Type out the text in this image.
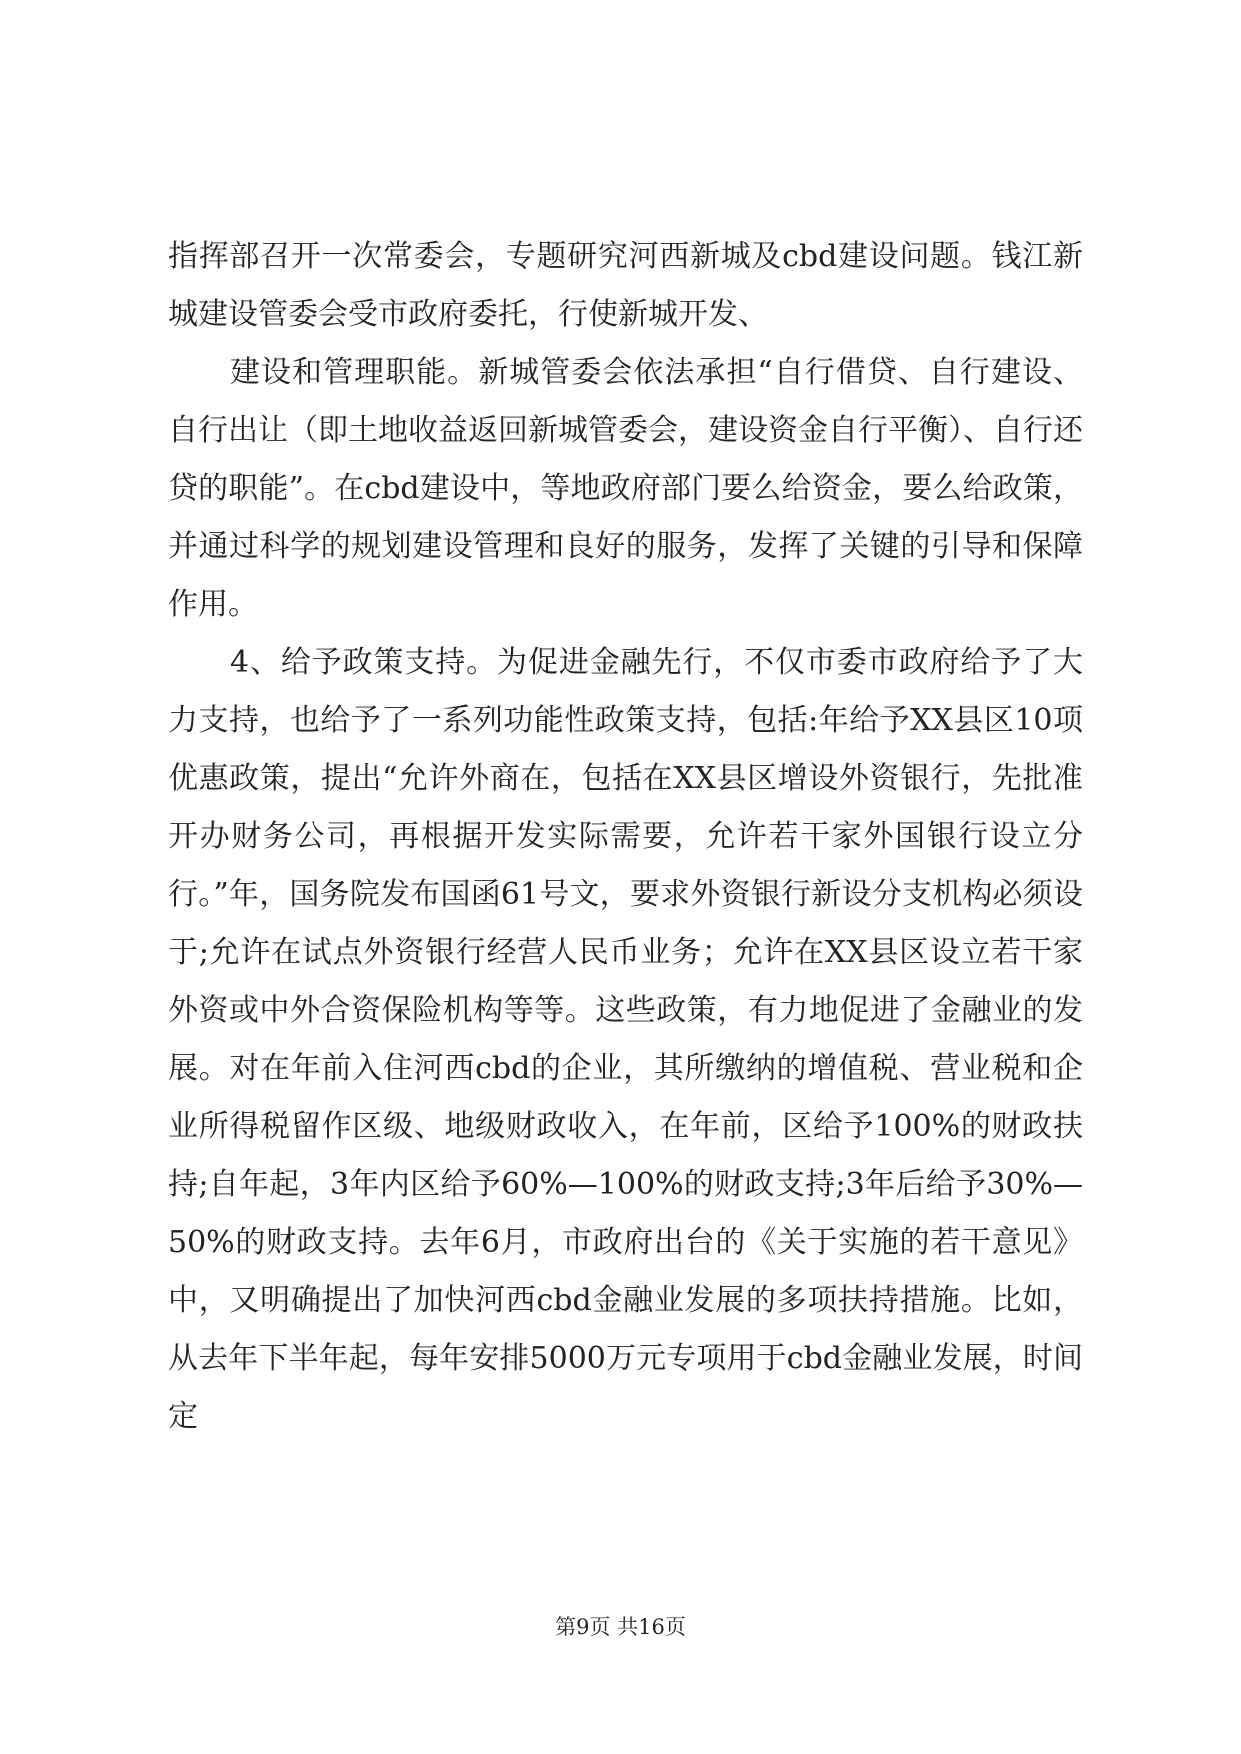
指挥部召开一次常委会，专题研究河西新城及cbd建设问题。钱江新城建设管委会受市政府委托，行使新城开发、

建设和管理职能。新城管委会依法承担“自行借贷、自行建设、自行出让（即土地收益返回新城管委会，建设资金自行平衡）、自行还贷的职能”。在cbd建设中，等地政府部门要么给资金，要么给政策，并通过科学的规划建设管理和良好的服务，发挥了关键的引导和保障作用。

4、给予政策支持。为促进金融先行，不仅市委市政府给予了大力支持，也给予了一系列功能性政策支持，包括:年给予XX县区10项优惠政策，提出“允许外商在，包括在XX县区增设外资银行，先批准开办财务公司，再根据开发实际需要，允许若干家外国银行设立分行。”年，国务院发布国函61号文，要求外资银行新设分支机构必须设于;允许在试点外资银行经营人民币业务；允许在XX县区设立若干家外资或中外合资保险机构等等。这些政策，有力地促进了金融业的发展。对在年前入住河西cbd的企业，其所缴纳的增值税、营业税和企业所得税留作区级、地级财政收入，在年前，区给予100%的财政扶持;自年起，3年内区给予60%—100%的财政支持;3年后给予30%—50%的财政支持。去年6月，市政府出台的《关于实施的若干意见》中，又明确提出了加快河西cbd金融业发展的多项扶持措施。比如，从去年下半年起，每年安排5000万元专项用于cbd金融业发展，时间定

第9页 共16页
